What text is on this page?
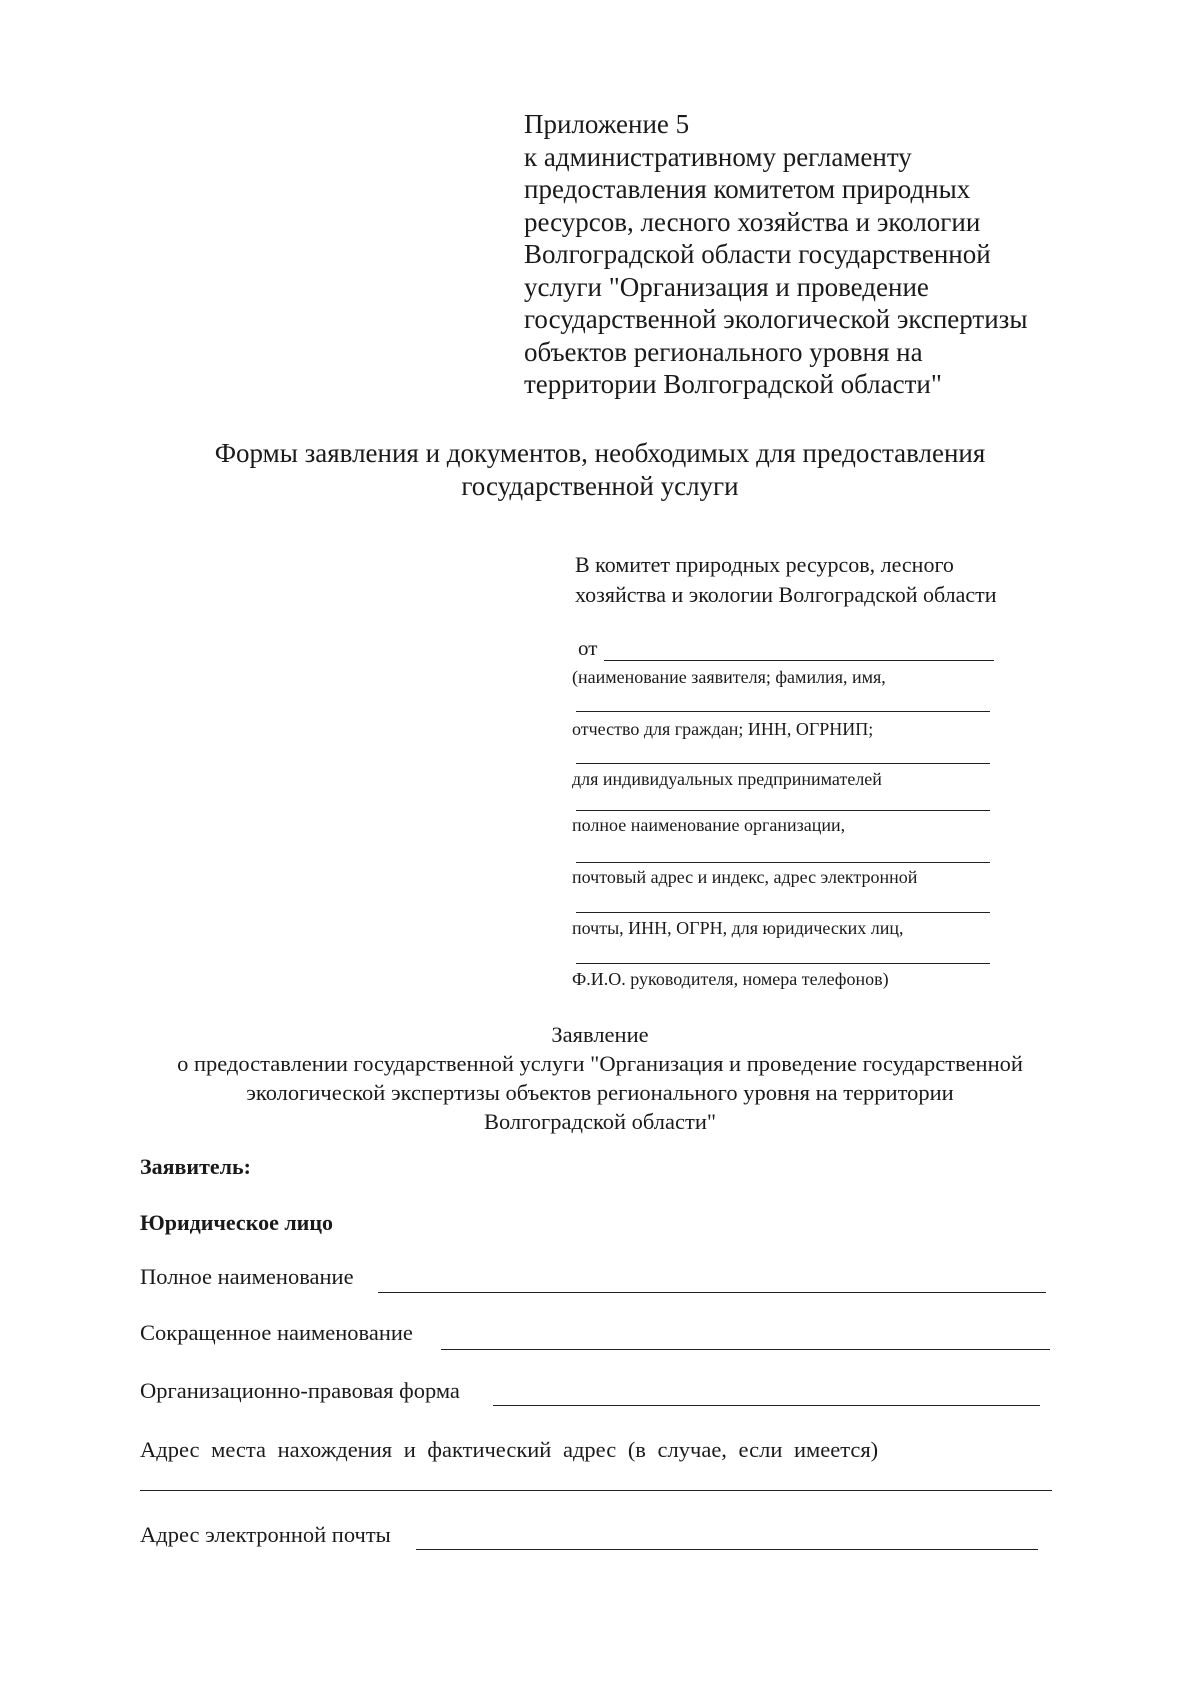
Приложение 5
к административному регламенту
предоставления комитетом природных
ресурсов, лесного хозяйства и экологии
Волгоградской области государственной
услуги "Организация и проведение
государственной экологической экспертизы
объектов регионального уровня на
территории Волгоградской области"
Формы заявления и документов, необходимых для предоставления
государственной услуги
В комитет природных ресурсов, лесного
хозяйства и экологии Волгоградской области
от
(наименование заявителя; фамилия, имя,
отчество для граждан; ИНН, ОГРНИП;
для индивидуальных предпринимателей
полное наименование организации,
почтовый адрес и индекс, адрес электронной
почты, ИНН, ОГРН, для юридических лиц,
Ф.И.О. руководителя, номера телефонов)
Заявление
о предоставлении государственной услуги "Организация и проведение государственной
экологической экспертизы объектов регионального уровня на территории
Волгоградской области"
Заявитель:
Юридическое лицо
Полное наименование
Сокращенное наименование
Организационно-правовая форма
Адрес места нахождения и фактический адрес (в случае, если имеется)
Адрес электронной почты
